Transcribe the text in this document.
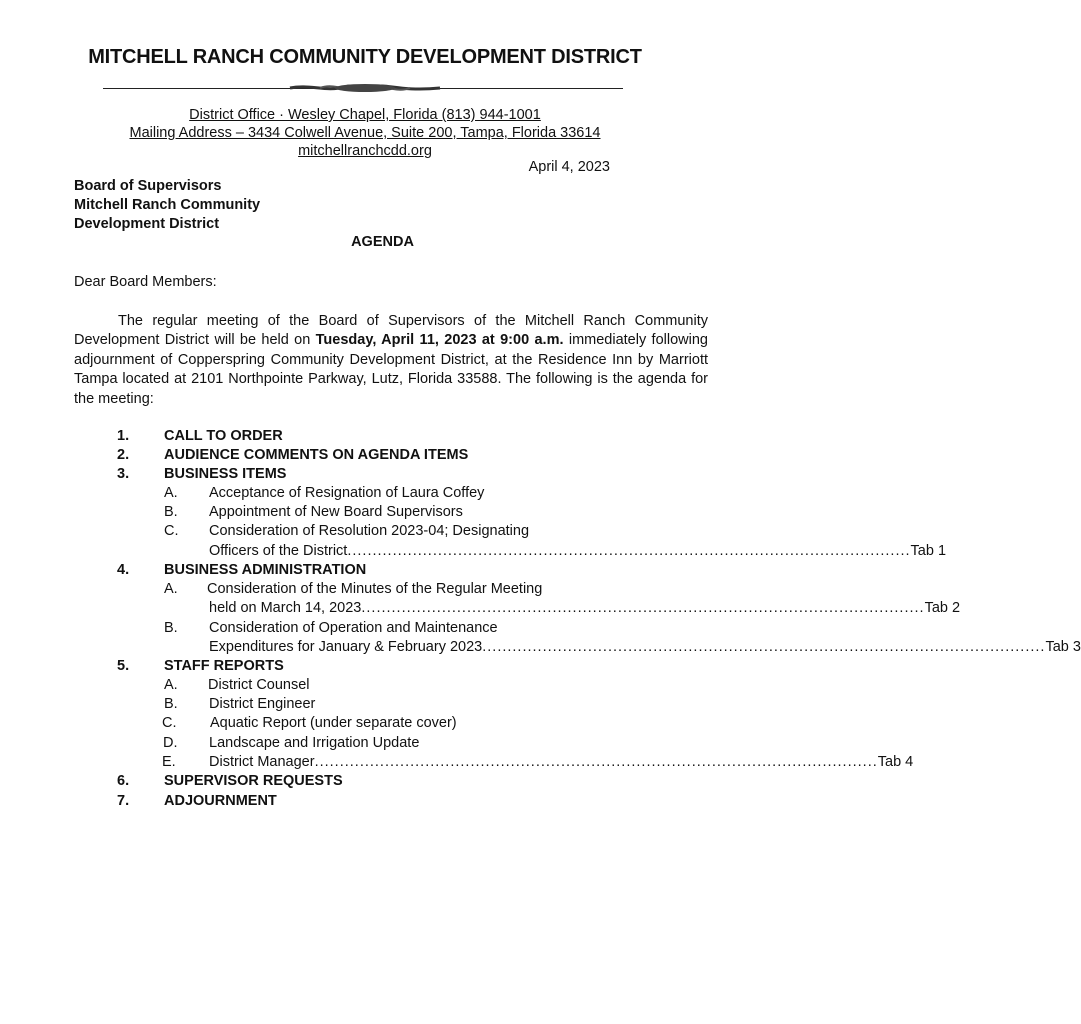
MITCHELL RANCH COMMUNITY DEVELOPMENT DISTRICT
District Office · Wesley Chapel, Florida (813) 944-1001
Mailing Address – 3434 Colwell Avenue, Suite 200, Tampa, Florida 33614
mitchellranchcdd.org
April 4, 2023
Board of Supervisors
Mitchell Ranch Community
Development District
AGENDA
Dear Board Members:
The regular meeting of the Board of Supervisors of the Mitchell Ranch Community Development District will be held on Tuesday, April 11, 2023 at 9:00 a.m. immediately following adjournment of Copperspring Community Development District, at the Residence Inn by Marriott Tampa located at 2101 Northpointe Parkway, Lutz, Florida 33588. The following is the agenda for the meeting:
1. CALL TO ORDER
2. AUDIENCE COMMENTS ON AGENDA ITEMS
3. BUSINESS ITEMS
A. Acceptance of Resignation of Laura Coffey
B. Appointment of New Board Supervisors
C. Consideration of Resolution 2023-04; Designating
Officers of the District ................................................................................................................ Tab 1
4. BUSINESS ADMINISTRATION
A. Consideration of the Minutes of the Regular Meeting
held on March 14, 2023 ................................................................................................................ Tab 2
B. Consideration of Operation and Maintenance
Expenditures for January & February 2023 ................................................................................................................ Tab 3
5. STAFF REPORTS
A. District Counsel
B. District Engineer
C. Aquatic Report (under separate cover)
D. Landscape and Irrigation Update
E. District Manager ................................................................................................................ Tab 4
6. SUPERVISOR REQUESTS
7. ADJOURNMENT
